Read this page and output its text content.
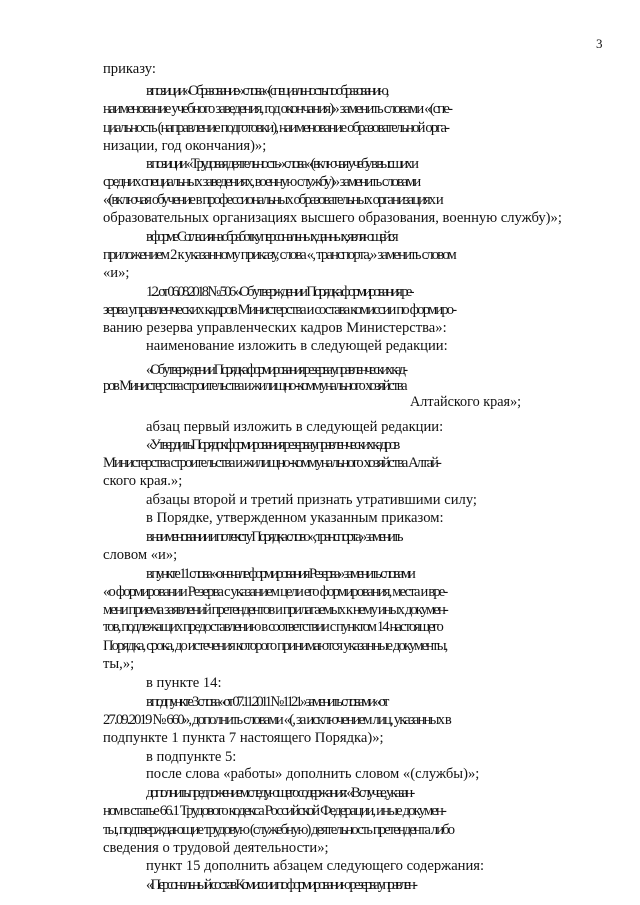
3
приказу:
в позиции «Образование» слова «(специальность по образованию,
наименование учебного заведения, год окончания)» заменить словами «(спе-
циальность (направление подготовки), наименование образовательной орга-
низации, год окончания)»;
в позиции «Трудовая деятельность» слова «(включая учебу в высших и
средних специальных заведениях, военную службу)» заменить словами
«(включая обучение в профессиональных образовательных организациях и
образовательных организациях высшего образования, военную службу)»;
в форме Согласия на обработку персональных данных, являющейся
приложением 2 к указанному приказу, слова «, транспорта,» заменить словом
«и»;
1.2. от 06.08.2018 № 506 «Об утверждении Порядка формирования ре-
зерва управленческих кадров Министерства и состава комиссии по формиро-
ванию резерва управленческих кадров Министерства»:
наименование изложить в следующей редакции:
«Об утверждении Порядка формирования резерва управленческих кад-
ров Министерства строительства и жилищно-коммунального хозяйства
Алтайского края»;
абзац первый изложить в следующей редакции:
«Утвердить Порядок формирования резерва управленческих кадров
Министерства строительства и жилищно-коммунального хозяйства Алтай-
ского края.»;
абзацы второй и третий признать утратившими силу;
в Порядке, утвержденном указанным приказом:
в наименовании и по тексту Порядка слово «, транспорта,» заменить
словом «и»;
в пункте 11 слова «о начале формирования Резерва» заменить словами
«о формировании Резерва с указанием цели его формирования, места и вре-
мени приема заявлений претендентов и прилагаемых к нему иных докумен-
тов, подлежащих предоставлению в соответствии с пунктом 14 настоящего
Порядка, срока, до истечения которого принимаются указанные документы,
ты,»;
в пункте 14:
в подпункте 3 слова «от 07.11.2011 № 1121» заменить словами «от
27.09.2019 № 660», дополнить словами «(, за исключением лиц, указанных в
подпункте 1 пункта 7 настоящего Порядка)»;
в подпункте 5:
после слова «работы» дополнить словом «(службы)»;
дополнить предложением следующего содержания: «В случае, указан-
ном в статье 66.1 Трудового кодекса Российской Федерации, иные докумен-
ты, подтверждающие трудовую (служебную) деятельность претендента либо
сведения о трудовой деятельности»;
пункт 15 дополнить абзацем следующего содержания:
«Персональный состав Комиссии по формированию резерва управлен-
